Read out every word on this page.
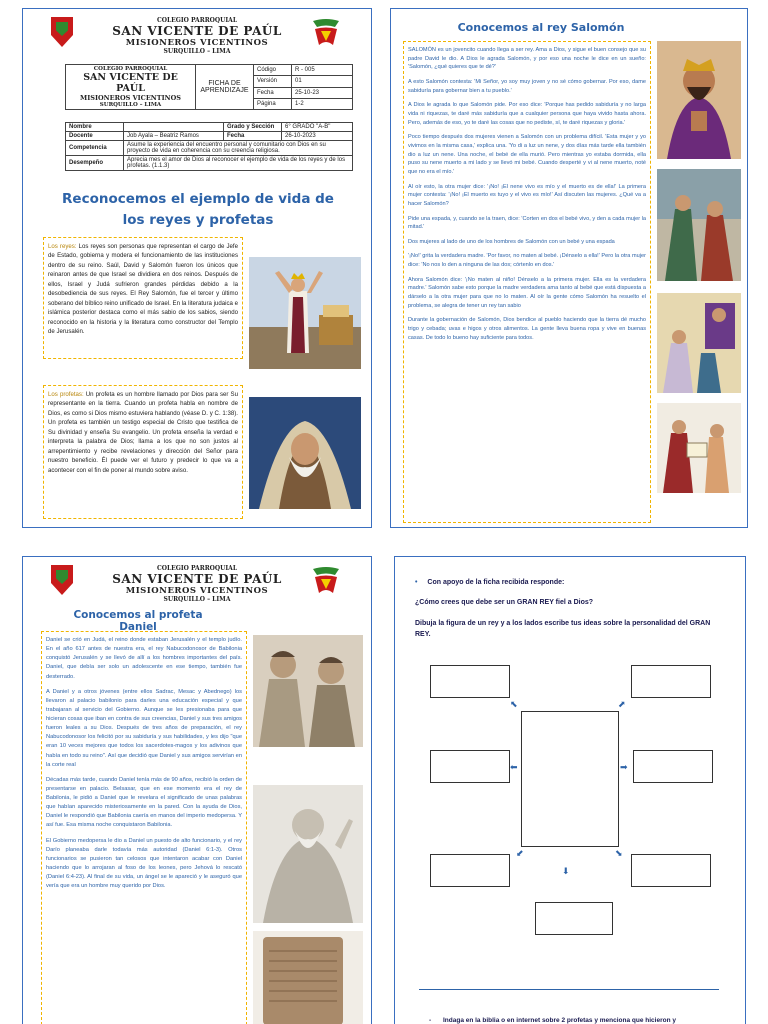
COLEGIO PARROQUIAL
SAN VICENTE DE PAÚL
MISIONEROS VICENTINOS
SURQUILLO – LIMA
COLEGIO PARROQUIAL
SAN VICENTE DE PAÚL
MISIONEROS VICENTINOS
SURQUILLO – LIMA	FICHA DE APRENDIZAJE	Código	R - 005
		Versión	01
		Fecha	25-10-23
		Página	1-2
Nombre		Grado y Sección	6° GRADO "A-B"
Docente	Job Ayala – Beatriz Ramos	Fecha	26-10-2023
Competencia	Asume la experiencia del encuentro personal y comunitario con Dios en su proyecto de vida en coherencia con su creencia religiosa.		
Desempeño	Aprecia mes el amor de Dios al reconocer el ejemplo de vida de los reyes y de los profetas. (1.1.3)		
Reconocemos el ejemplo de vida de los reyes y profetas
Los reyes: Los reyes son personas que representan el cargo de Jefe de Estado, gobierna y modera el funcionamiento de las instituciones dentro de su reino. Saúl, David y Salomón fueron los únicos que reinaron antes de que Israel se dividiera en dos reinos. Después de ellos, Israel y Judá sufrieron grandes pérdidas debido a la desobediencia de sus reyes. El Rey Salomón, fue el tercer y último soberano del bíblico reino unificado de Israel. En la literatura judaica e islámica posterior destaca como el más sabio de los sabios, siendo reconocido en la historia y la literatura como constructor del Templo de Jerusalén.
Los profetas: Un profeta es un hombre llamado por Dios para ser Su representante en la tierra. Cuando un profeta habla en nombre de Dios, es como si Dios mismo estuviera hablando (véase D. y C. 1:38). Un profeta es también un testigo especial de Cristo que testifica de Su divinidad y enseña Su evangelio. Un profeta enseña la verdad e interpreta la palabra de Dios; llama a los que no son justos al arrepentimiento y recibe revelaciones y dirección del Señor para nuestro beneficio. Él puede ver el futuro y predecir lo que va a acontecer con el fin de poner al mundo sobre aviso.
Conocemos al rey Salomón

SALOMÓN es un jovencito cuando llega a ser rey. Ama a Dios, y sigue el buen consejo que su padre David le dio. A Dios le agrada Salomón, y por eso una noche le dice en un sueño: 'Salomón, ¿qué quieres que te dé?'

A esto Salomón contesta: 'Mi Señor, yo soy muy joven y no sé cómo gobernar. Por eso, dame sabiduría para gobernar bien a tu pueblo.'

A Dios le agrada lo que Salomón pide. Por eso dice: 'Porque has pedido sabiduría y no larga vida ni riquezas, te daré más sabiduría que a cualquier persona que haya vivido hasta ahora. Pero, además de eso, yo te daré las cosas que no pediste, sí, te daré riquezas y gloria.'

Poco tiempo después dos mujeres vienen a Salomón con un problema difícil. 'Esta mujer y yo vivimos en la misma casa,' explica una. 'Yo di a luz un nene, y dos días más tarde ella también dio a luz un nene. Una noche, el bebé de ella murió. Pero mientras yo estaba dormida, ella puso su nene muerto a mi lado y se llevó mi bebé. Cuando desperté y vi al nene muerto, noté que no era el mío.'

Al oír esto, la otra mujer dice: '¡No! ¡El nene vivo es mío y el muerto es de ella!' La primera mujer contesta: '¡No! ¡El muerto es tuyo y el vivo es mío!' Así discuten las mujeres. ¿Qué va a hacer Salomón?

Pide una espada, y, cuando se la traen, dice: 'Corten en dos el bebé vivo, y den a cada mujer la mitad.'

Dos mujeres al lado de uno de los hombres de Salomón con un bebé y una espada

'¡No!' grita la verdadera madre. 'Por favor, no maten al bebé. ¡Dénselo a ella!' Pero la otra mujer dice: 'No nos lo den a ninguna de las dos; córtenlo en dos.'

Ahora Salomón dice: '¡No maten al niño! Dénselo a la primera mujer. Ella es la verdadera madre.' Salomón sabe esto porque la madre verdadera ama tanto al bebé que está dispuesta a dárselo a la otra mujer para que no lo maten. Al oír la gente cómo Salomón ha resuelto el problema, se alegra de tener un rey tan sabio

Durante la gobernación de Salomón, Dios bendice al pueblo haciendo que la tierra dé mucho trigo y cebada; uvas e higos y otros alimentos. La gente lleva buena ropa y vive en buenas casas. De todo lo bueno hay suficiente para todos.

COLEGIO PARROQUIAL
SAN VICENTE DE PAÚL
MISIONEROS VICENTINOS
SURQUILLO – LIMA
Conocemos al profeta Daniel

Daniel se crió en Judá, el reino donde estaban Jerusalén y el templo judío. En el año 617 antes de nuestra era, el rey Nabucodonosor de Babilonia conquistó Jerusalén y se llevó de allí a los hombres importantes del país. Daniel, que debía ser solo un adolescente en ese tiempo, también fue desterrado.

A Daniel y a otros jóvenes (entre ellos Sadrac, Mesac y Abednego) los llevaron al palacio babilonio para darles una educación especial y que trabajaran al servicio del Gobierno. Aunque se les presionaba para que hicieran cosas que iban en contra de sus creencias, Daniel y sus tres amigos fueron leales a su Dios. Después de tres años de preparación, el rey Nabucodonosor los felicitó por su sabiduría y sus habilidades, y les dijo "que eran 10 veces mejores que todos los sacerdotes-magos y los adivinos que había en todo su reino". Así que decidió que Daniel y sus amigos servirían en la corte real

Décadas más tarde, cuando Daniel tenía más de 90 años, recibió la orden de presentarse en palacio. Belsasar, que en ese momento era el rey de Babilonia, le pidió a Daniel que le revelara el significado de unas palabras que habían aparecido misteriosamente en la pared. Con la ayuda de Dios, Daniel le respondió que Babilonia caería en manos del imperio medopersa. Y así fue. Esa misma noche conquistaron Babilonia.

El Gobierno medopersa le dio a Daniel un puesto de alto funcionario, y el rey Darío planeaba darle todavía más autoridad (Daniel 6:1-3). Otros funcionarios se pusieron tan celosos que intentaron acabar con Daniel haciendo que lo arrojaran al foso de los leones, pero Jehová lo rescató (Daniel 6:4-23). Al final de su vida, un ángel se le apareció y le aseguró que vería que era un hombre muy querido por Dios.

• Con apoyo de la ficha recibida responde:
¿Cómo crees que debe ser un GRAN REY fiel a Dios?
Dibuja la figura de un rey y a los lados escribe tus ideas sobre la personalidad del GRAN REY.
⬉	⬈
⬅	➡
⬋	⬊
⬇
- Indaga en la biblia o en internet sobre 2 profetas y menciona que hicieron y
